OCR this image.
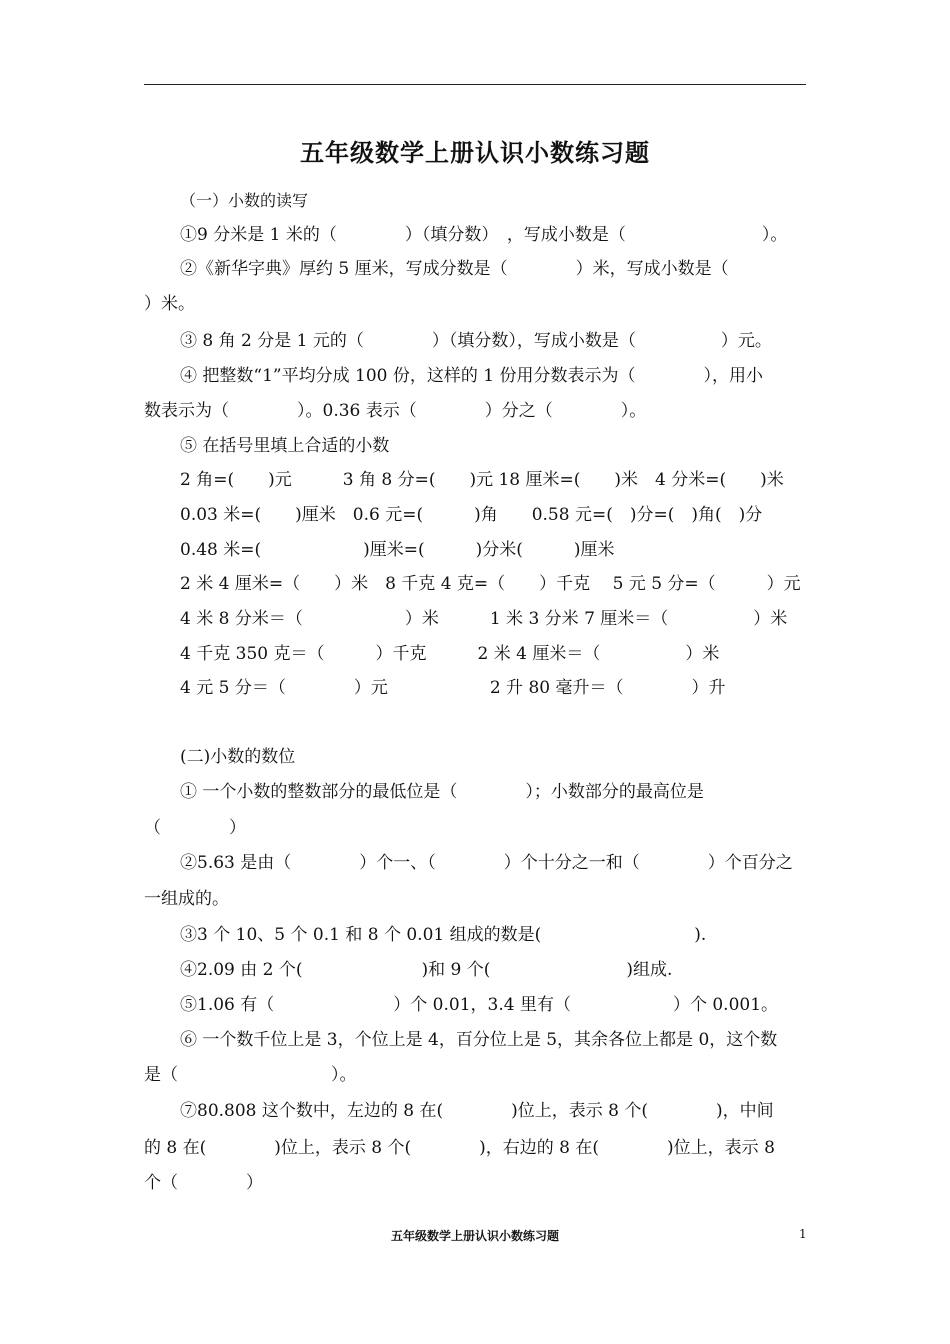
五年级数学上册认识小数练习题
（一）小数的读写
①9 分米是 1 米的（　　　　）（填分数）　，写成小数是（　　　　　　　　）。
②《新华字典》厚约 5 厘米，写成分数是（　　　　）米，写成小数是（
）米。
③ 8 角 2 分是 1 元的（　　　　）（填分数），写成小数是（　　　　　）元。
④ 把整数“1”平均分成 100 份，这样的 1 份用分数表示为（　　　　），用小
数表示为（　　　　）。0.36 表示（　　　　）分之（　　　　）。
⑤ 在括号里填上合适的小数
2 角=(　　)元　　　3 角 8 分=(　　)元 18 厘米=(　　)米　4 分米=(　　)米
0.03 米=(　　)厘米　0.6 元=(　　　)角　　0.58 元=(　)分=(　)角(　)分
0.48 米=(　　　　　　)厘米=(　　　)分米(　　　)厘米
2 米 4 厘米=（　　）米　8 千克 4 克=（　　）千克　 5 元 5 分=（　　　）元
4 米 8 分米＝（　　　　　　）米　　　1 米 3 分米 7 厘米＝（　　　　　）米
4 千克 350 克＝（　　　）千克　　　2 米 4 厘米＝（　　　　　）米
4 元 5 分＝（　　　　）元　　　　　　2 升 80 毫升＝（　　　　）升
(二)小数的数位
① 一个小数的整数部分的最低位是（　　　　）；小数部分的最高位是
（　　　　）
②5.63 是由（　　　　）个一、（　　　　）个十分之一和（　　　　）个百分之
一组成的。
③3 个 10、5 个 0.1 和 8 个 0.01 组成的数是(　　　　　　　　　).
④2.09 由 2 个(　　　　　　　)和 9 个(　　　　　　　　)组成.
⑤1.06 有（　　　　　　　）个 0.01，3.4 里有（　　　　　　）个 0.001。
⑥ 一个数千位上是 3，个位上是 4，百分位上是 5，其余各位上都是 0，这个数
是（　　　　　　　　　）。
⑦80.808 这个数中，左边的 8 在(　　　　)位上，表示 8 个(　　　　)，中间
的 8 在(　　　　)位上，表示 8 个(　　　　)，右边的 8 在(　　　　)位上，表示 8
个（　　　　）
五年级数学上册认识小数练习题	1
